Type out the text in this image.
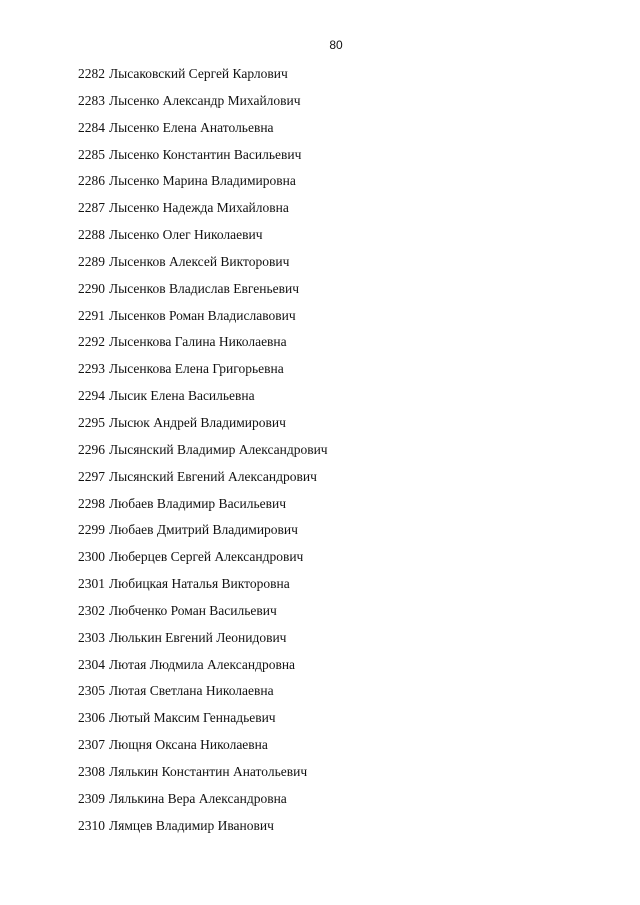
80
2282 Лысаковский Сергей Карлович
2283 Лысенко Александр Михайлович
2284 Лысенко Елена Анатольевна
2285 Лысенко Константин Васильевич
2286 Лысенко Марина Владимировна
2287 Лысенко Надежда Михайловна
2288 Лысенко Олег Николаевич
2289 Лысенков Алексей Викторович
2290 Лысенков Владислав Евгеньевич
2291 Лысенков Роман Владиславович
2292 Лысенкова Галина Николаевна
2293 Лысенкова Елена Григорьевна
2294 Лысик Елена Васильевна
2295 Лысюк Андрей Владимирович
2296 Лысянский Владимир Александрович
2297 Лысянский Евгений Александрович
2298 Любаев Владимир Васильевич
2299 Любаев Дмитрий Владимирович
2300 Люберцев Сергей Александрович
2301 Любицкая Наталья Викторовна
2302 Любченко Роман Васильевич
2303 Люлькин Евгений Леонидович
2304 Лютая Людмила Александровна
2305 Лютая Светлана Николаевна
2306 Лютый Максим Геннадьевич
2307 Лющня Оксана Николаевна
2308 Лялькин Константин Анатольевич
2309 Лялькина Вера Александровна
2310 Лямцев Владимир Иванович
